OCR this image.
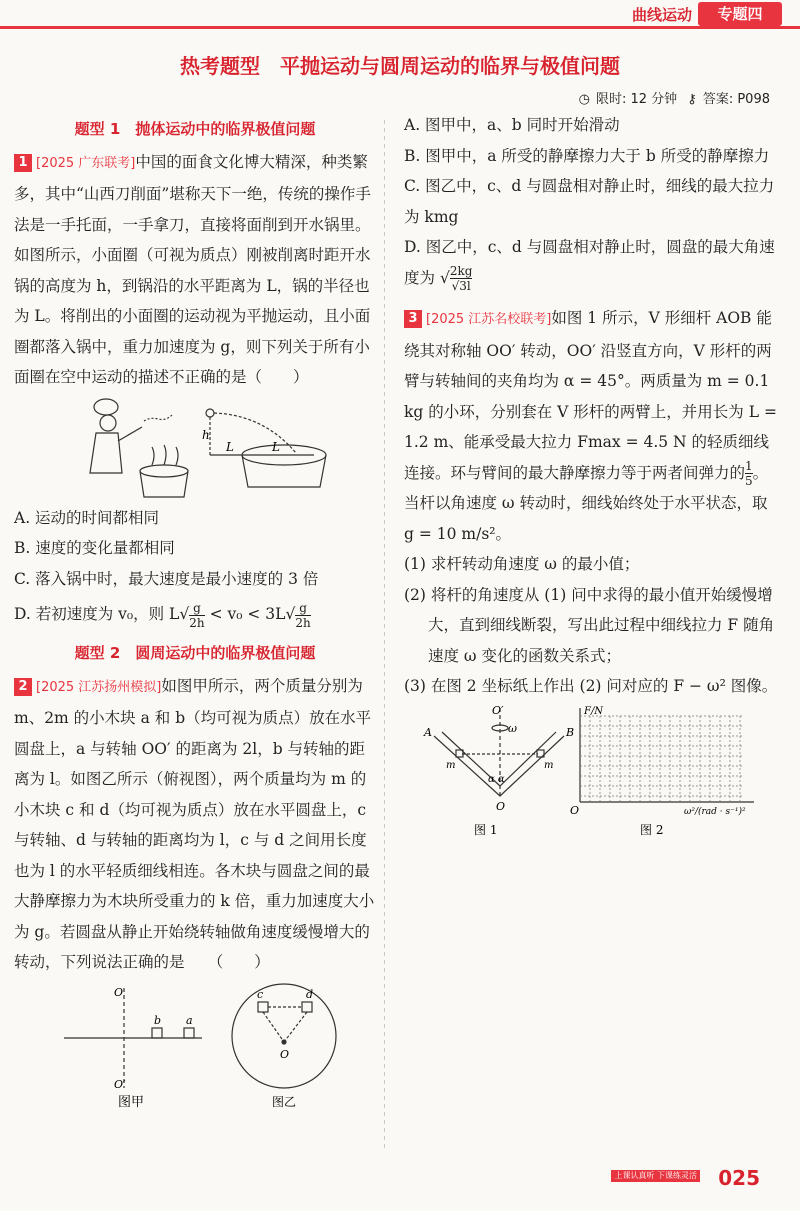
曲线运动	专题四
热考题型　平抛运动与圆周运动的临界与极值问题
◷ 限时: 12 分钟 ⚷ 答案: P098
题型 1　抛体运动中的临界极值问题

1 [2025 广东联考]中国的面食文化博大精深，种类繁多，其中“山西刀削面”堪称天下一绝，传统的操作手法是一手托面，一手拿刀，直接将面削到开水锅里。如图所示，小面圈（可视为质点）刚被削离时距开水锅的高度为 h，到锅沿的水平距离为 L，锅的半径也为 L。将削出的小面圈的运动视为平抛运动，且小面圈都落入锅中，重力加速度为 g，则下列关于所有小面圈在空中运动的描述不正确的是（　　）

h
L	L

A. 运动的时间都相同

B. 速度的变化量都相同

C. 落入锅中时，最大速度是最小速度的 3 倍

D. 若初速度为 v₀，则 $L√ \frac{g}{2h} < v_0 < 3L√ \frac{g}{2h}$

题型 2　圆周运动中的临界极值问题

2 [2025 江苏扬州模拟]如图甲所示，两个质量分别为 m、2m 的小木块 a 和 b（均可视为质点）放在水平圆盘上，a 与转轴 OO′ 的距离为 2l，b 与转轴的距离为 l。如图乙所示（俯视图），两个质量均为 m 的小木块 c 和 d（均可视为质点）放在水平圆盘上，c 与转轴、d 与转轴的距离均为 l，c 与 d 之间用长度也为 l 的水平轻质细线相连。各木块与圆盘之间的最大静摩擦力为木块所受重力的 k 倍，重力加速度大小为 g。若圆盘从静止开始绕转轴做角速度缓慢增大的转动，下列说法正确的是　　（　　）

O
O′
b a
图甲
c	d
O
图乙

A. 图甲中，a、b 同时开始滑动

B. 图甲中，a 所受的静摩擦力大于 b 所受的静摩擦力

C. 图乙中，c、d 与圆盘相对静止时，细线的最大拉力为 kmg

D. 图乙中，c、d 与圆盘相对静止时，圆盘的最大角速度为 √ $\frac{2kg}{√3l}$

3 [2025 江苏名校联考]如图 1 所示，V 形细杆 AOB 能绕其对称轴 OO′ 转动，OO′ 沿竖直方向，V 形杆的两臂与转轴间的夹角均为 α = 45°。两质量为 m = 0.1 kg 的小环，分别套在 V 形杆的两臂上，并用长为 L = 1.2 m、能承受最大拉力 Fmax = 4.5 N 的轻质细线连接。环与臂间的最大静摩擦力等于两者间弹力的 $\frac{1}{5}$ 。当杆以角速度 ω 转动时，细线始终处于水平状态，取 g = 10 m/s²。

(1) 求杆转动角速度 ω 的最小值；

(2) 将杆的角速度从 (1) 问中求得的最小值开始缓慢增大，直到细线断裂，写出此过程中细线拉力 F 随角速度 ω 变化的函数关系式；

(3) 在图 2 坐标纸上作出 (2) 问对应的 F − ω² 图像。

O′
ω
A	B
m	m
α α
O
图 1
F/N
O	ω²/(rad · s⁻¹)²
图 2
上课认真听 下课练灵活 025
